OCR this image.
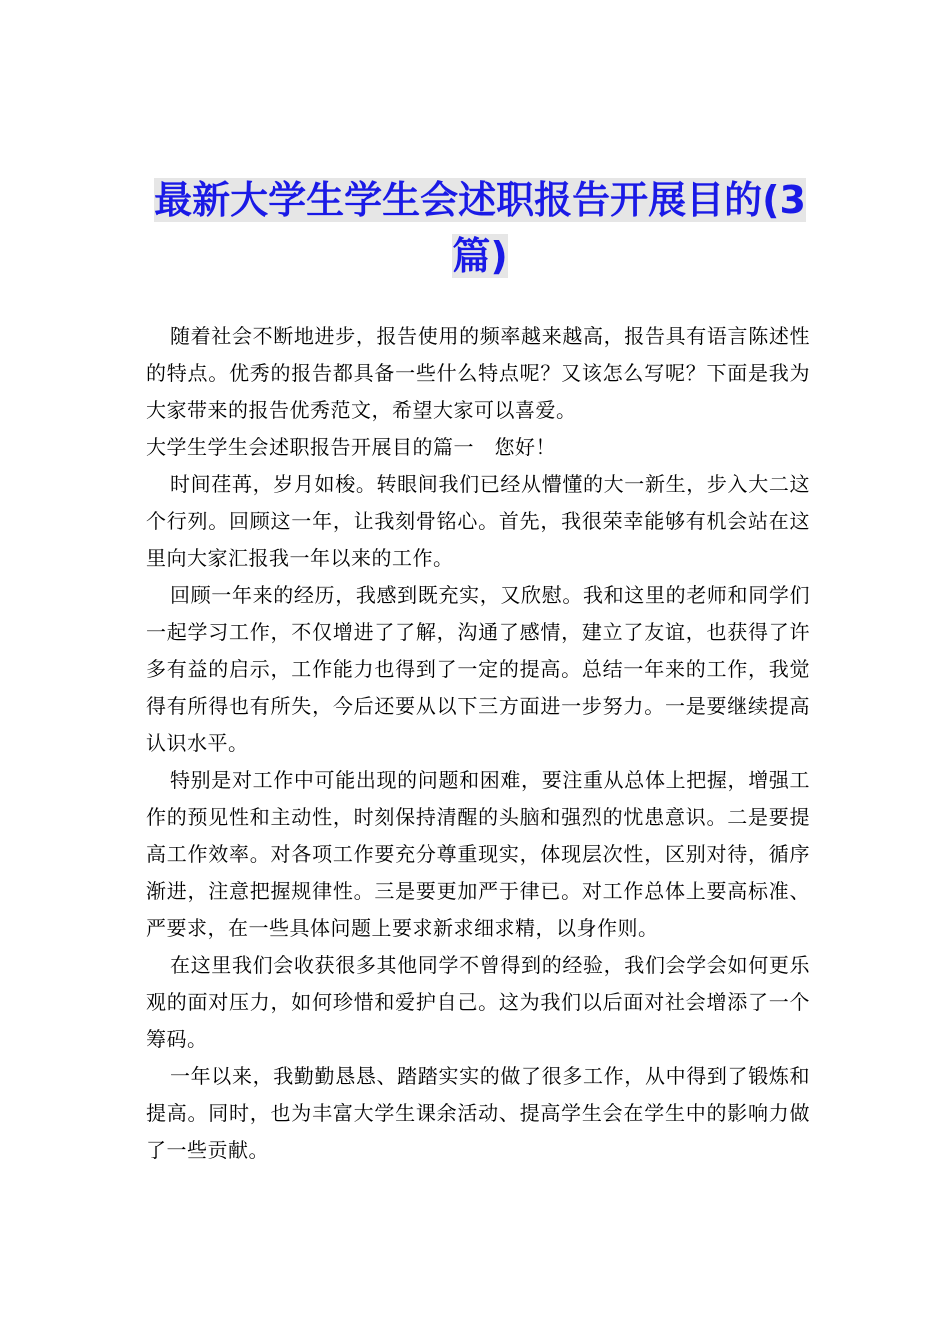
最新大学生学生会述职报告开展目的(3篇)

随着社会不断地进步，报告使用的频率越来越高，报告具有语言陈述性的特点。优秀的报告都具备一些什么特点呢？又该怎么写呢？下面是我为大家带来的报告优秀范文，希望大家可以喜爱。

大学生学生会述职报告开展目的篇一　您好！

时间荏苒，岁月如梭。转眼间我们已经从懵懂的大一新生，步入大二这个行列。回顾这一年，让我刻骨铭心。首先，我很荣幸能够有机会站在这里向大家汇报我一年以来的工作。

回顾一年来的经历，我感到既充实，又欣慰。我和这里的老师和同学们一起学习工作，不仅增进了了解，沟通了感情，建立了友谊，也获得了许多有益的启示，工作能力也得到了一定的提高。总结一年来的工作，我觉得有所得也有所失，今后还要从以下三方面进一步努力。一是要继续提高认识水平。

特别是对工作中可能出现的问题和困难，要注重从总体上把握，增强工作的预见性和主动性，时刻保持清醒的头脑和强烈的忧患意识。二是要提高工作效率。对各项工作要充分尊重现实，体现层次性，区别对待，循序渐进，注意把握规律性。三是要更加严于律已。对工作总体上要高标准、严要求，在一些具体问题上要求新求细求精，以身作则。

在这里我们会收获很多其他同学不曾得到的经验，我们会学会如何更乐观的面对压力，如何珍惜和爱护自己。这为我们以后面对社会增添了一个筹码。

一年以来，我勤勤恳恳、踏踏实实的做了很多工作，从中得到了锻炼和提高。同时，也为丰富大学生课余活动、提高学生会在学生中的影响力做了一些贡献。
